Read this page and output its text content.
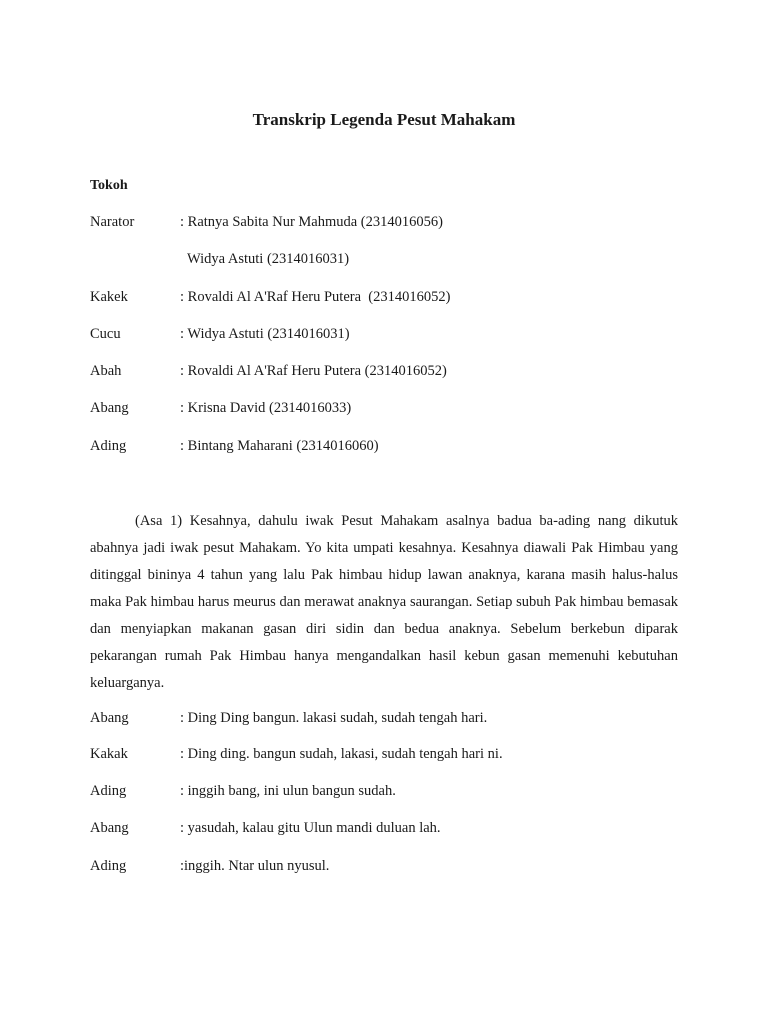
Transkrip Legenda Pesut Mahakam
Tokoh
Narator	: Ratnya Sabita Nur Mahmuda (2314016056)
Widya Astuti (2314016031)
Kakek	: Rovaldi Al A'Raf Heru Putera  (2314016052)
Cucu	: Widya Astuti (2314016031)
Abah	: Rovaldi Al A'Raf Heru Putera (2314016052)
Abang	: Krisna David (2314016033)
Ading	: Bintang Maharani (2314016060)
(Asa 1) Kesahnya, dahulu iwak Pesut Mahakam asalnya badua ba-ading nang dikutuk abahnya jadi iwak pesut Mahakam. Yo kita umpati kesahnya. Kesahnya diawali Pak Himbau yang ditinggal bininya 4 tahun yang lalu Pak himbau hidup lawan anaknya, karana masih halus-halus maka Pak himbau harus meurus dan merawat anaknya saurangan. Setiap subuh Pak himbau bemasak dan menyiapkan makanan gasan diri sidin dan bedua anaknya. Sebelum berkebun diparak pekarangan rumah Pak Himbau hanya mengandalkan hasil kebun gasan memenuhi kebutuhan keluarganya.
Abang	: Ding Ding bangun. lakasi sudah, sudah tengah hari.
Kakak	: Ding ding. bangun sudah, lakasi, sudah tengah hari ni.
Ading	: inggih bang, ini ulun bangun sudah.
Abang	: yasudah, kalau gitu Ulun mandi duluan lah.
Ading	:inggih. Ntar ulun nyusul.
